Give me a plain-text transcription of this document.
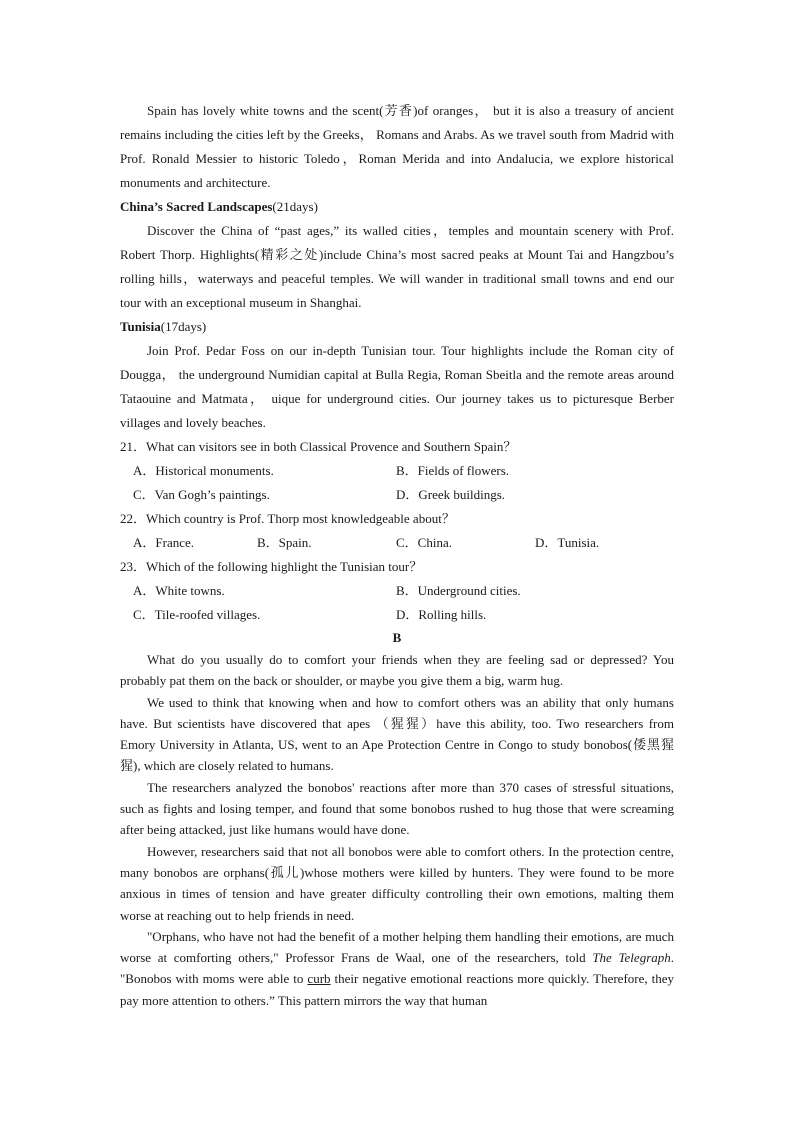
Spain has lovely white towns and the scent(芳香)of oranges， but it is also a treasury of ancient remains including the cities left by the Greeks， Romans and Arabs. As we travel south from Madrid with Prof. Ronald Messier to historic Toledo，Roman Merida and into Andalucia, we explore historical monuments and architecture.

China’s Sacred Landscapes(21days)

Discover the China of “past ages,” its walled cities，temples and mountain scenery with Prof. Robert Thorp. Highlights(精彩之处)include China’s most sacred peaks at Mount Tai and Hangzbou’s rolling hills，waterways and peaceful temples. We will wander in traditional small towns and end our tour with an exceptional museum in Shanghai.

Tunisia(17days)

Join Prof. Pedar Foss on our in-depth Tunisian tour. Tour highlights include the Roman city of Dougga， the underground Numidian capital at Bulla Regia, Roman Sbeitla and the remote areas around Tataouine and Matmata， uique for underground cities. Our journey takes us to picturesque Berber villages and lovely beaches.

21．What can visitors see in both Classical Provence and Southern Spain？

A．Historical monuments.	B．Fields of flowers.
C．Van Gogh’s paintings.	D．Greek buildings.

22．Which country is Prof. Thorp most knowledgeable about？

A．France.	B．Spain.	C．China.	D．Tunisia.

23．Which of the following highlight the Tunisian tour？

A．White towns.	B．Underground cities.
C．Tile-roofed villages.	D．Rolling hills.

B

What do you usually do to comfort your friends when they are feeling sad or depressed? You probably pat them on the back or shoulder, or maybe you give them a big, warm hug.

We used to think that knowing when and how to comfort others was an ability that only humans have. But scientists have discovered that apes （猩猩）have this ability, too. Two researchers from Emory University in Atlanta, US, went to an Ape Protection Centre in Congo to study bonobos(倭黑猩猩), which are closely related to humans.

The researchers analyzed the bonobos' reactions after more than 370 cases of stressful situations, such as fights and losing temper, and found that some bonobos rushed to hug those that were screaming after being attacked, just like humans would have done.

However, researchers said that not all bonobos were able to comfort others. In the protection centre, many bonobos are orphans(孤儿)whose mothers were killed by hunters. They were found to be more anxious in times of tension and have greater difficulty controlling their own emotions, malting them worse at reaching out to help friends in need.

"Orphans, who have not had the benefit of a mother helping them handling their emotions, are much worse at comforting others," Professor Frans de Waal, one of the researchers, told The Telegraph. "Bonobos with moms were able to curb their negative emotional reactions more quickly. Therefore, they pay more attention to others.” This pattern mirrors the way that human
